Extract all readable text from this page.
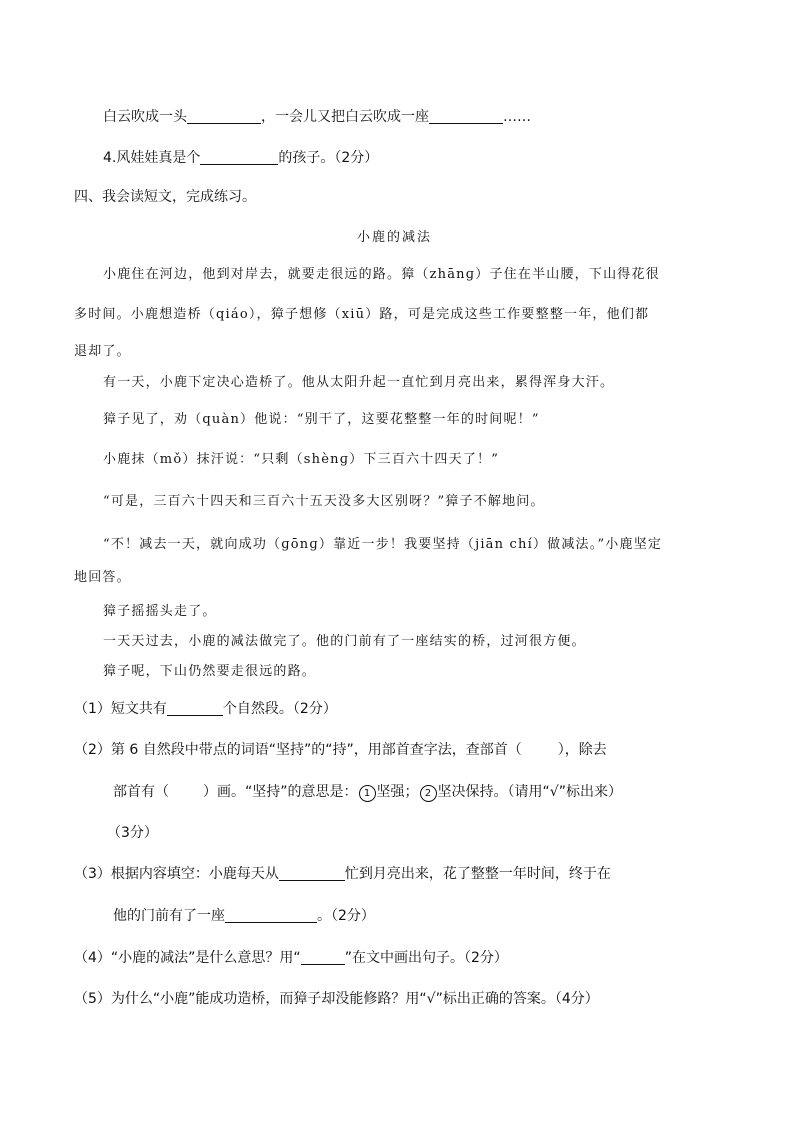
白云吹成一头	，一会儿又把白云吹成一座	……
4.风娃娃真是个	的孩子。（2分）
四、我会读短文，完成练习。
小鹿的减法
小鹿住在河边，他到对岸去，就要走很远的路。獐（zhānɡ）子住在半山腰，下山得花很
多时间。小鹿想造桥（qiáo），獐子想修（xiū）路，可是完成这些工作要整整一年，他们都
退却了。
有一天，小鹿下定决心造桥了。他从太阳升起一直忙到月亮出来，累得浑身大汗。
獐子见了，劝（quàn）他说：“别干了，这要花整整一年的时间呢！”
小鹿抹（mǒ）抹汗说：“只剩（shènɡ）下三百六十四天了！”
“可是，三百六十四天和三百六十五天没多大区别呀？”獐子不解地问。
“不！减去一天，就向成功（ɡōnɡ）靠近一步！我要坚持（jiān chí）做减法。”小鹿坚定
地回答。
獐子摇摇头走了。
一天天过去，小鹿的减法做完了。他的门前有了一座结实的桥，过河很方便。
獐子呢，下山仍然要走很远的路。
（1）短文共有	个自然段。（2分）
（2）第 6 自然段中带点的词语“坚持”的“持”，用部首查字法，查部首（	），除去
部首有（ ）画。“坚持”的意思是： 1 坚强； 2 坚决保持。（请用“√”标出来）
（3分）
（3）根据内容填空：小鹿每天从	忙到月亮出来，花了整整一年时间，终于在
他的门前有了一座	。（2分）
（4）“小鹿的减法”是什么意思？用“	”在文中画出句子。（2分）
（5）为什么“小鹿”能成功造桥，而獐子却没能修路？用“√”标出正确的答案。（4分）
